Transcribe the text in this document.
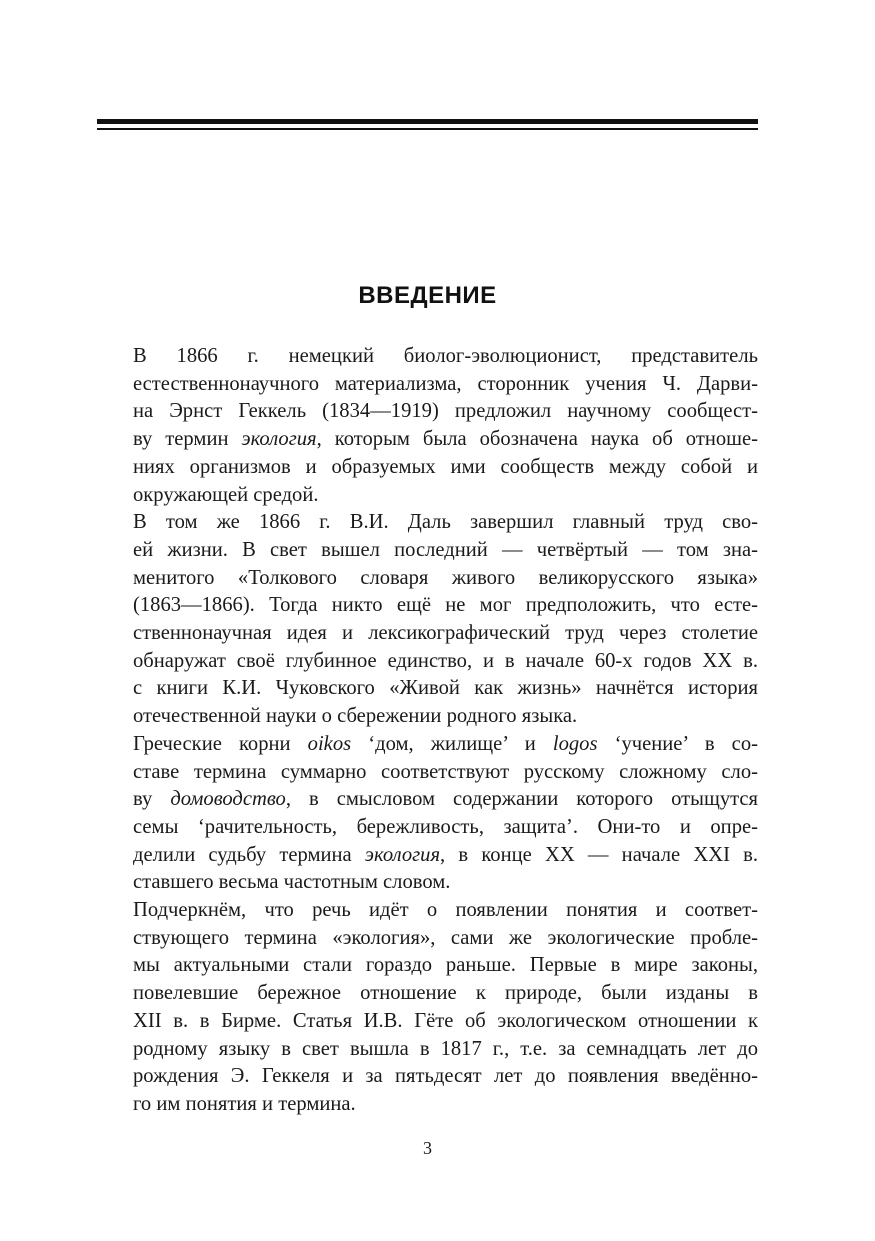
ВВЕДЕНИЕ

В 1866 г. немецкий биолог-эволюционист, представитель
естественнонаучного материализма, сторонник учения Ч. Дарви-
на Эрнст Геккель (1834—1919) предложил научному сообщест-
ву термин экология, которым была обозначена наука об отноше-
ниях организмов и образуемых ими сообществ между собой и
окружающей средой.

В том же 1866 г. В.И. Даль завершил главный труд сво-
ей жизни. В свет вышел последний — четвёртый — том зна-
менитого «Толкового словаря живого великорусского языка»
(1863—1866). Тогда никто ещё не мог предположить, что есте-
ственнонаучная идея и лексикографический труд через столетие
обнаружат своё глубинное единство, и в начале 60-х годов XX в.
с книги К.И. Чуковского «Живой как жизнь» начнётся история
отечественной науки о сбережении родного языка.

Греческие корни oikos ‘дом, жилище’ и logos ‘учение’ в со-
ставе термина суммарно соответствуют русскому сложному сло-
ву домоводство, в смысловом содержании которого отыщутся
семы ‘рачительность, бережливость, защита’. Они-то и опре-
делили судьбу термина экология, в конце XX — начале XXI в.
ставшего весьма частотным словом.

Подчеркнём, что речь идёт о появлении понятия и соответ-
ствующего термина «экология», сами же экологические пробле-
мы актуальными стали гораздо раньше. Первые в мире законы,
повелевшие бережное отношение к природе, были изданы в
XII в. в Бирме. Статья И.В. Гёте об экологическом отношении к
родному языку в свет вышла в 1817 г., т.е. за семнадцать лет до
рождения Э. Геккеля и за пятьдесят лет до появления введённо-
го им понятия и термина.

3
